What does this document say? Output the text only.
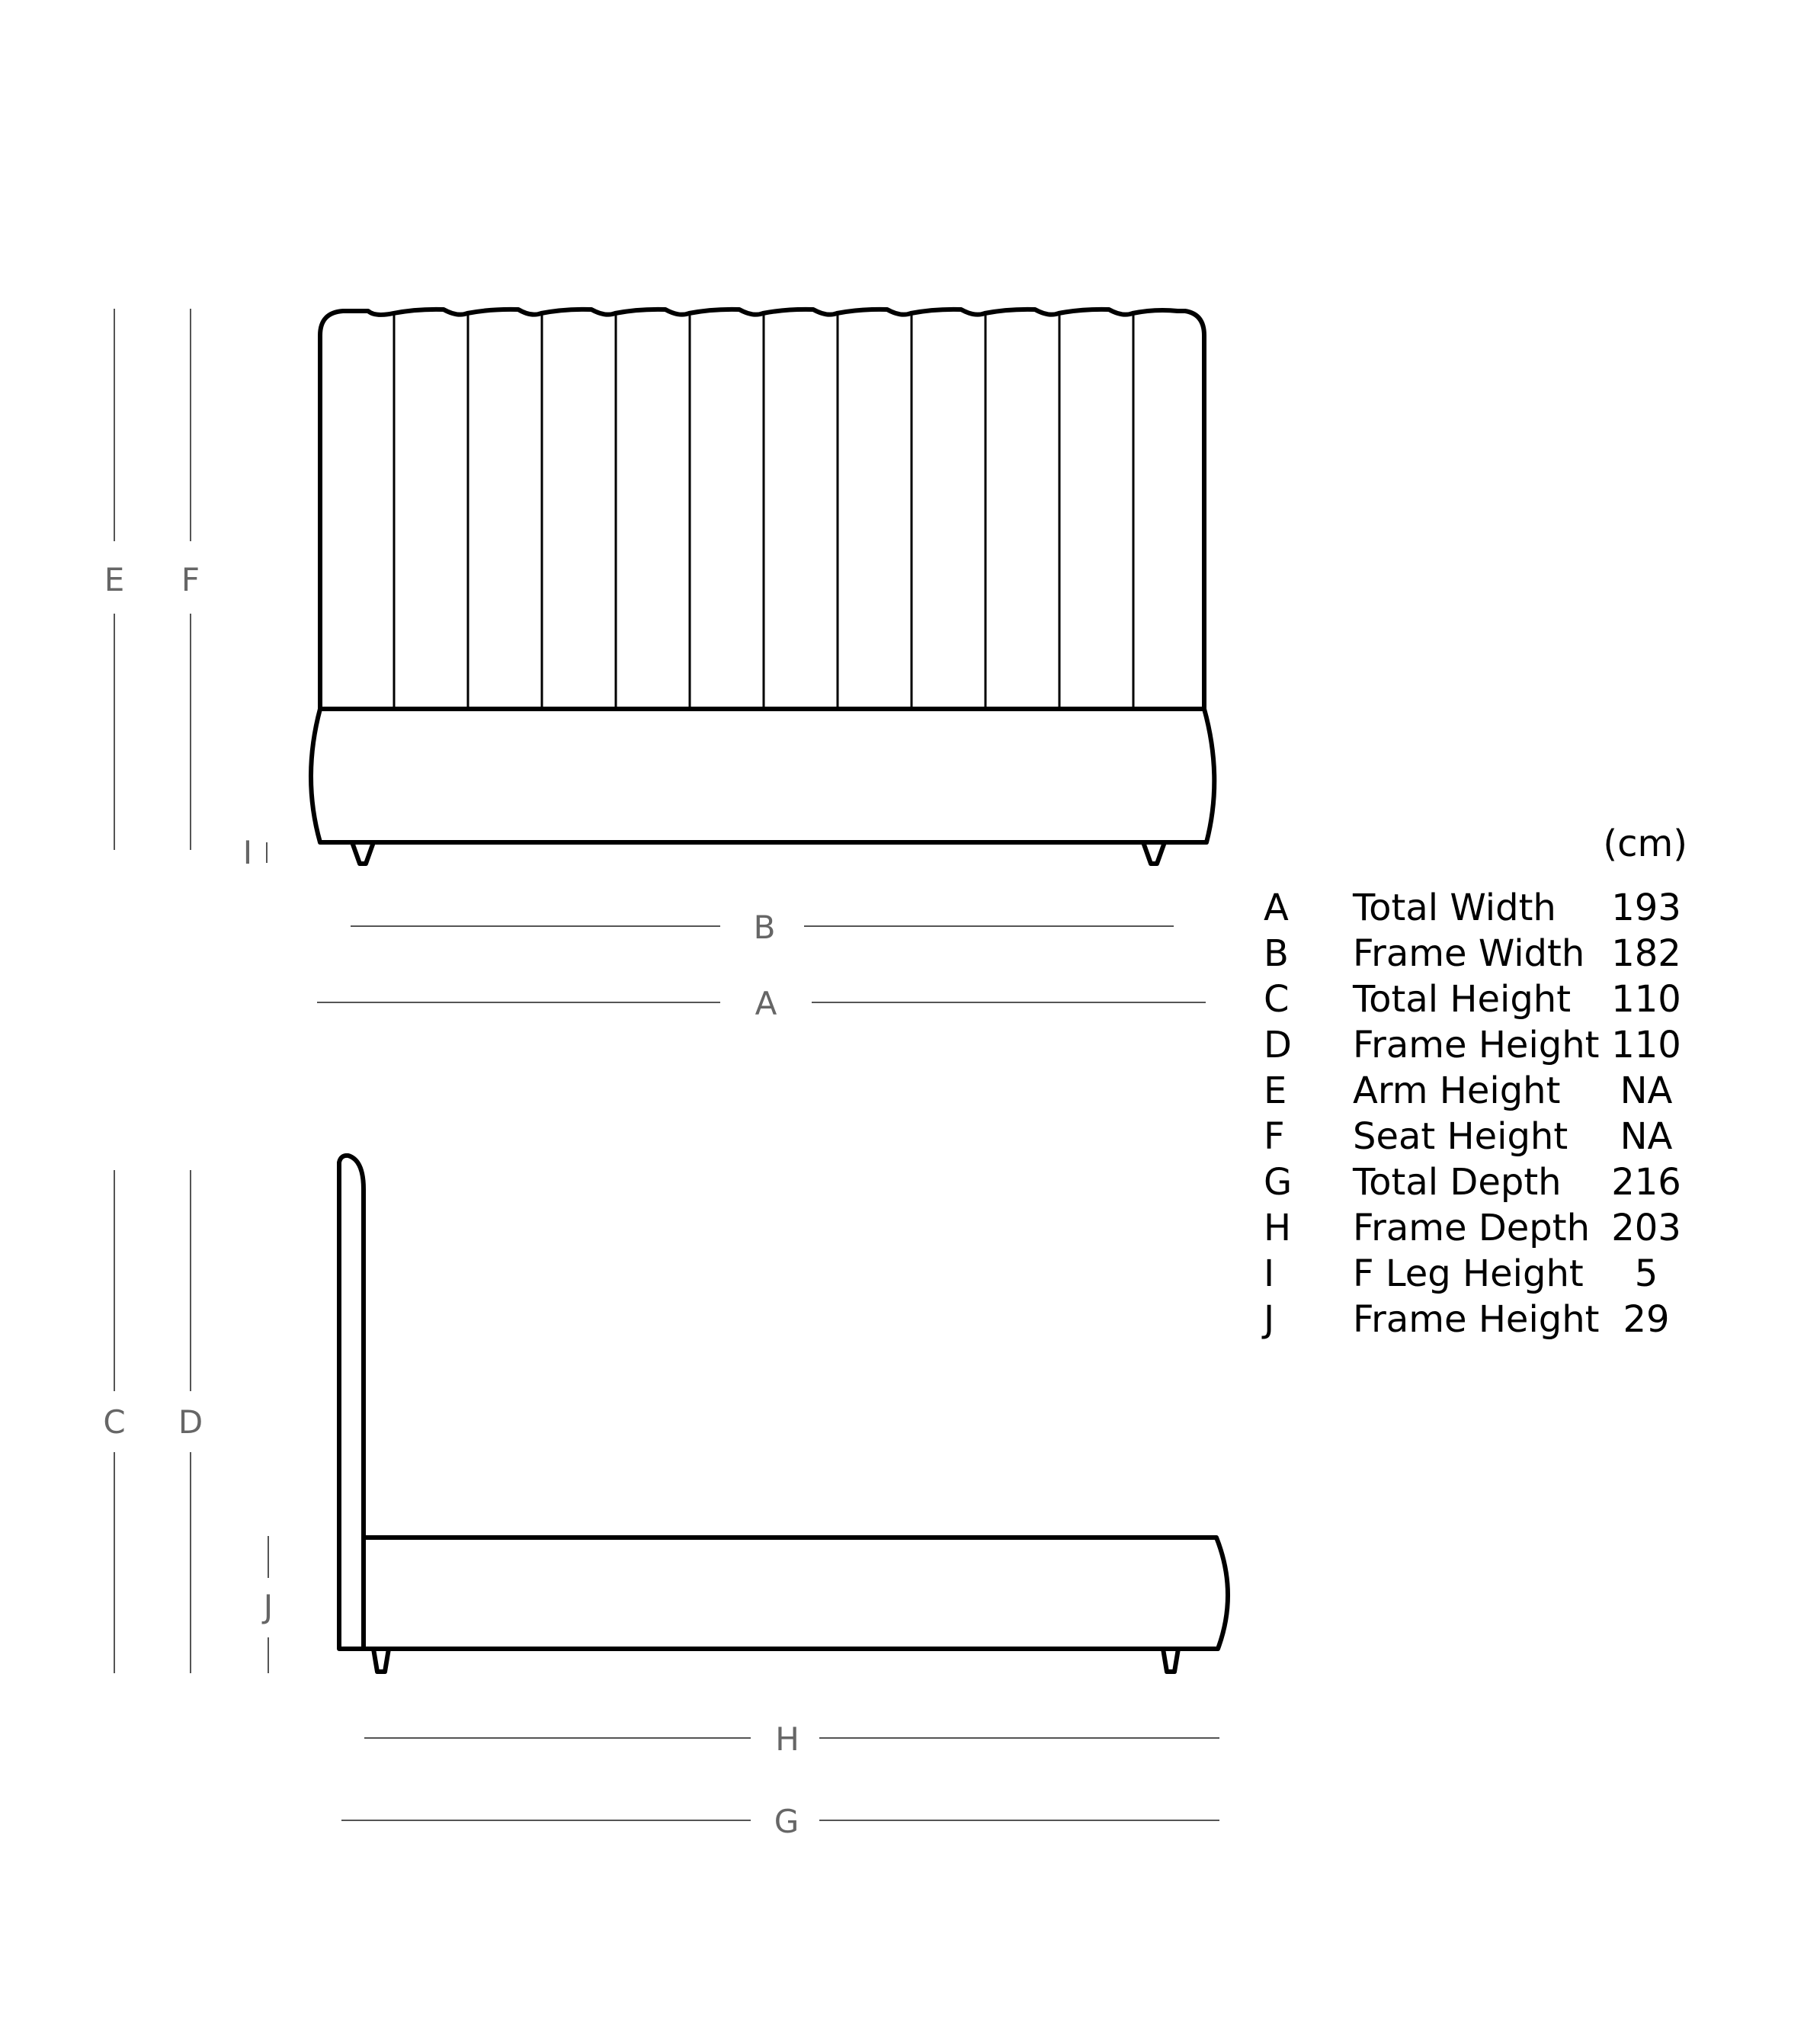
E F
I
B
A
(cm)
A Total Width 193
B Frame Width 182
C Total Height 110
D Frame Height 110
E Arm Height NA
F Seat Height NA
G Total Depth 216
H Frame Depth 203
I F Leg Height 5
J Frame Height 29
C D
J
H
G
